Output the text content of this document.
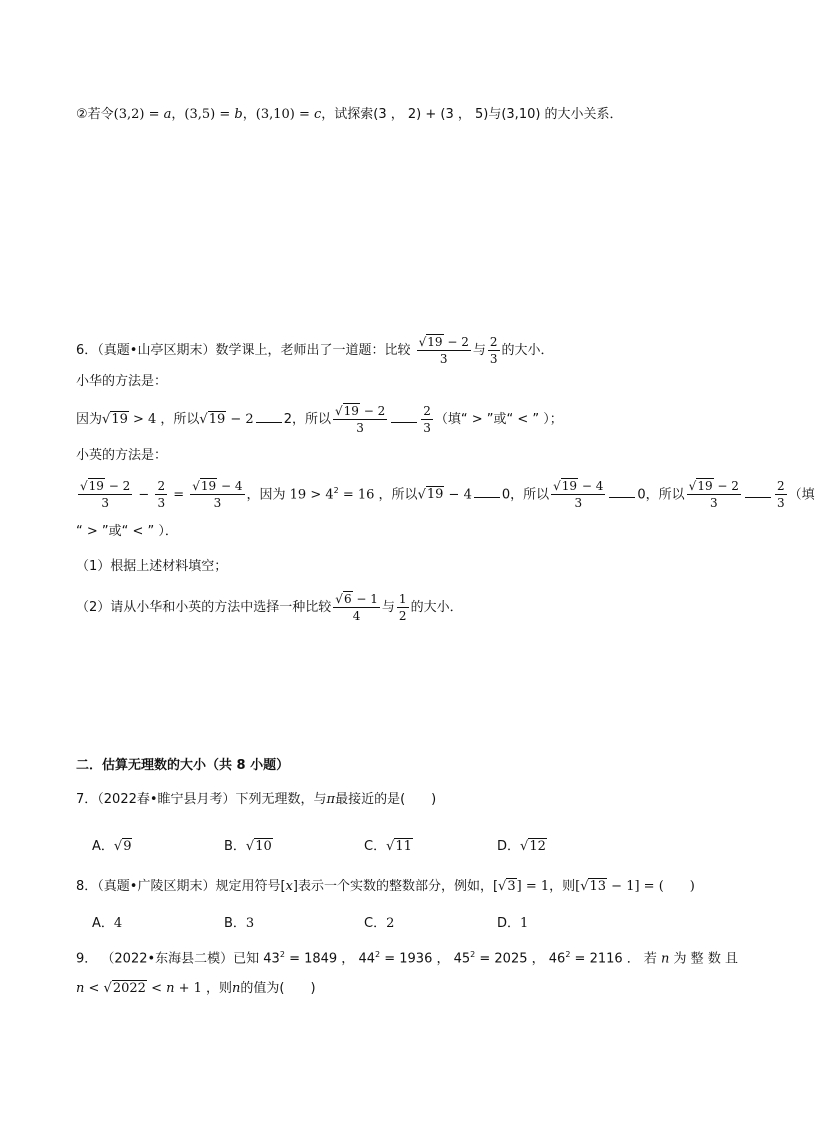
②若令(3,2) = a，(3,5) = b，(3,10) = c，试探索(3 ， 2) + (3 ， 5)与(3,10) 的大小关系．
6．（真题•山亭区期末）数学课上，老师出了一道题：比较 $\frac{√19 - 2}{3}$ 与 $\frac{2}{3}$ 的大小．
小华的方法是：
因为√19 > 4 ，所以√19 − 2 2，所以 $\frac{√19 - 2}{3}$	$\frac{2}{3}$ （填“ > ”或“ < ” ）；
小英的方法是：
$\frac{√19 - 2}{3} - \frac{2}{3} = \frac{√19 - 4}{3}$ ，因为 $19 > 4^2 = 16$ ，所以√19 − 4 0，所以 $\frac{√19 - 4}{3} 0$，所以 $\frac{√19 - 2}{3}$	$\frac{2}{3}$ （填
“ > ”或“ < ” ）．
（1）根据上述材料填空；
（2）请从小华和小英的方法中选择一种比较 $\frac{√6 - 1}{4}$ 与 $\frac{1}{2}$ 的大小．
二．估算无理数的大小（共 8 小题）
7．（2022春•睢宁县月考）下列无理数，与π最接近的是(　　)
A．√9	B．√10	C．√11	D．√12
8．（真题•广陵区期末）规定用符号[x]表示一个实数的整数部分，例如，[√3] = 1，则[√13 − 1] = (　　)
A．4	B．3	C．2	D．1
9． （2022•东海县二模）已知 $43^2 = 1849$ ， $44^2 = 1936$ ， $45^2 = 2025$ ， $46^2 = 2116$ ． 若 n 为 整 数 且
n < √2022 < n + 1 ，则n的值为(　　)
